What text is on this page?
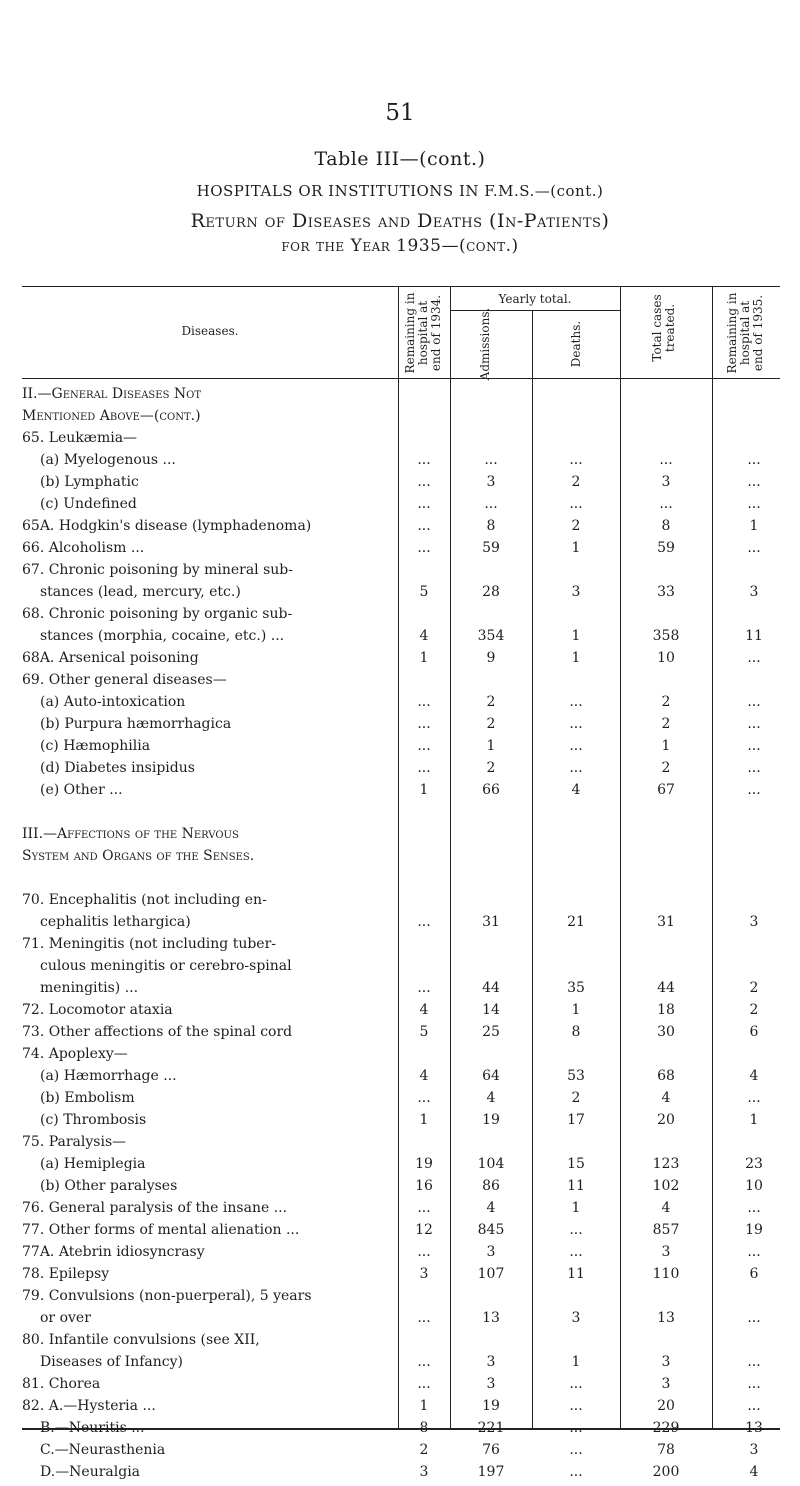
51
Table III—(cont.)
HOSPITALS OR INSTITUTIONS IN F.M.S.—(cont.)
Return of Diseases and Deaths (In-Patients)
for the Year 1935—(cont.)
Diseases.
Yearly total.
Remaining in hospital at end of 1934.	Admissions.	Deaths.	Total cases treated.	Remaining in hospital at end of 1935.
II.—General Diseases Not
Mentioned Above—(cont.)
65. Leukæmia—
(a) Myelogenous ...	...	...	...	...	...
(b) Lymphatic	...	3	2	3	...
(c) Undefined	...	...	...	...	...
65A. Hodgkin's disease (lymphadenoma)	...	8	2	8	1
66. Alcoholism ...	...	59	1	59	...
67. Chronic poisoning by mineral sub-
stances (lead, mercury, etc.)	5	28	3	33	3
68. Chronic poisoning by organic sub-
stances (morphia, cocaine, etc.) ...	4	354	1	358	11
68A. Arsenical poisoning	1	9	1	10	...
69. Other general diseases—
(a) Auto-intoxication	...	2	...	2	...
(b) Purpura hæmorrhagica	...	2	...	2	...
(c) Hæmophilia	...	1	...	1	...
(d) Diabetes insipidus	...	2	...	2	...
(e) Other ...	1	66	4	67	...
III.—Affections of the Nervous
System and Organs of the Senses.
70. Encephalitis (not including en-
cephalitis lethargica)	...	31	21	31	3
71. Meningitis (not including tuber-
culous meningitis or cerebro-spinal
meningitis) ...	...	44	35	44	2
72. Locomotor ataxia	4	14	1	18	2
73. Other affections of the spinal cord	5	25	8	30	6
74. Apoplexy—
(a) Hæmorrhage ...	4	64	53	68	4
(b) Embolism	...	4	2	4	...
(c) Thrombosis	1	19	17	20	1
75. Paralysis—
(a) Hemiplegia	19	104	15	123	23
(b) Other paralyses	16	86	11	102	10
76. General paralysis of the insane ...	...	4	1	4	...
77. Other forms of mental alienation ...	12	845	...	857	19
77A. Atebrin idiosyncrasy	...	3	...	3	...
78. Epilepsy	3	107	11	110	6
79. Convulsions (non-puerperal), 5 years
or over	...	13	3	13	...
80. Infantile convulsions (see XII,
Diseases of Infancy)	...	3	1	3	...
81. Chorea	...	3	...	3	...
82. A.—Hysteria ...	1	19	...	20	...
B.—Neuritis ...	8	221	...	229	13
C.—Neurasthenia	2	76	...	78	3
D.—Neuralgia	3	197	...	200	4
